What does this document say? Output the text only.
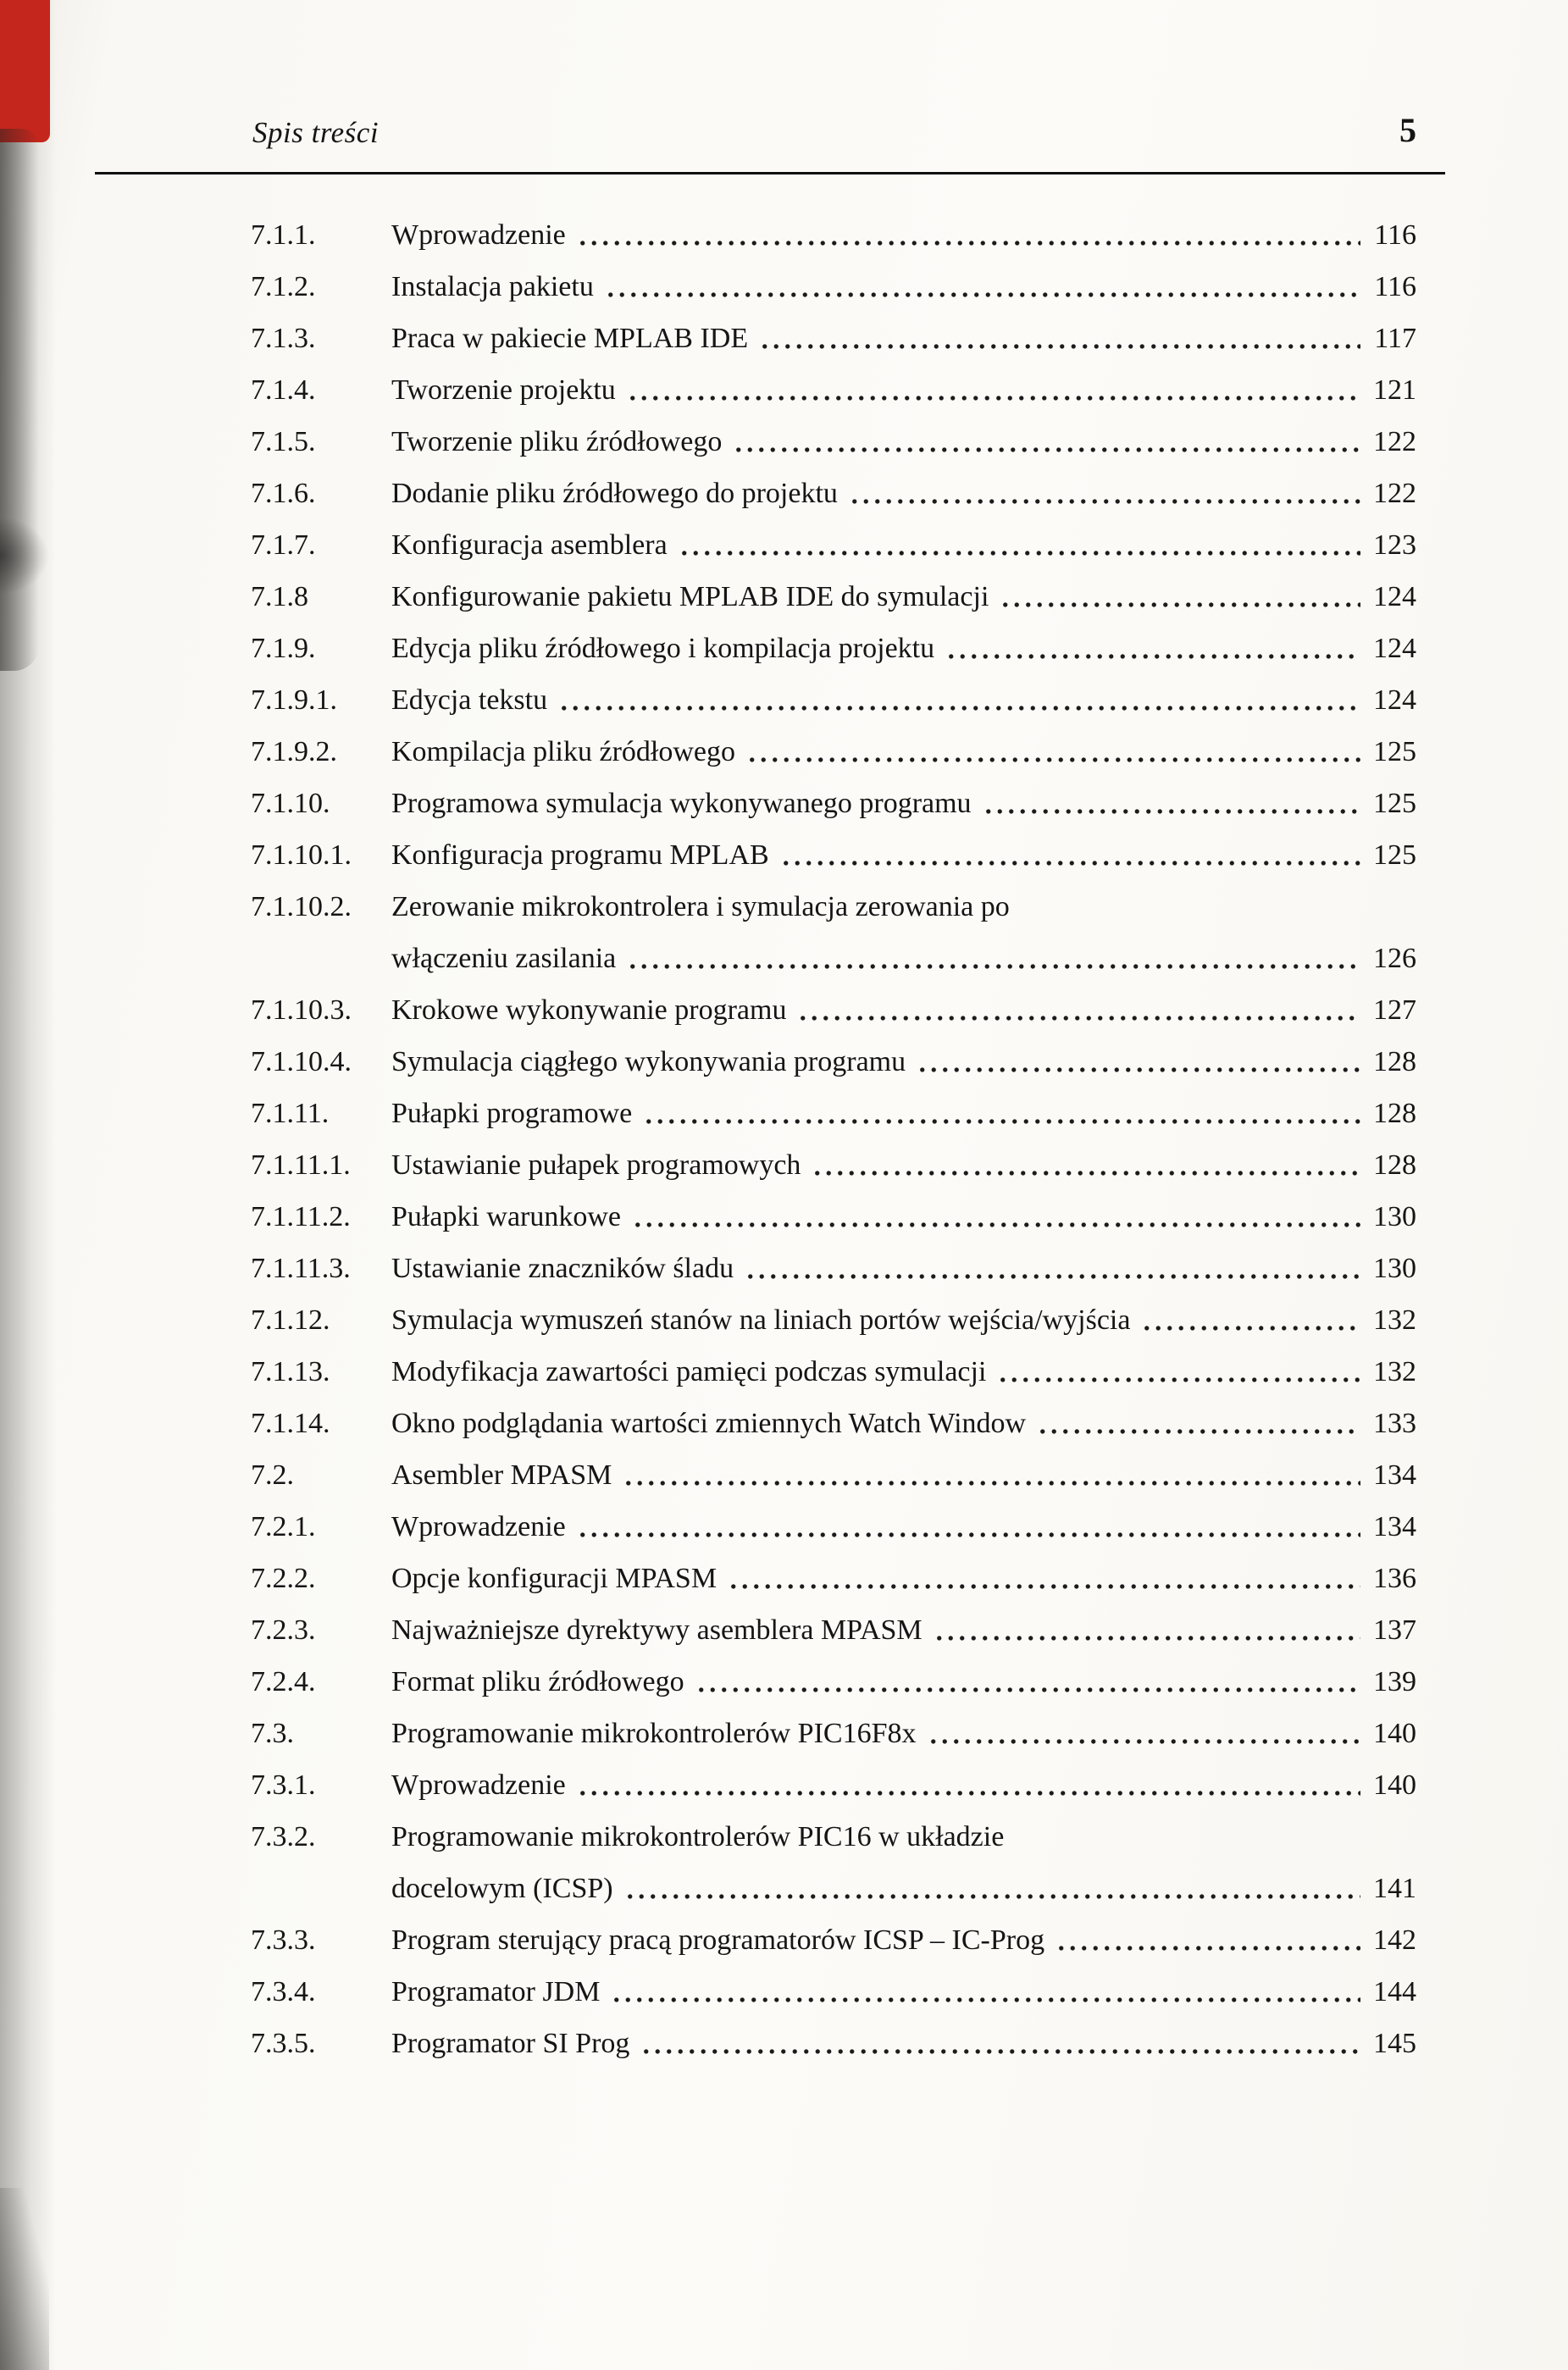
Spis treści	5
7.1.1.	Wprowadzenie	116
7.1.2.	Instalacja pakietu	116
7.1.3.	Praca w pakiecie MPLAB IDE	117
7.1.4.	Tworzenie projektu	121
7.1.5.	Tworzenie pliku źródłowego	122
7.1.6.	Dodanie pliku źródłowego do projektu	122
7.1.7.	Konfiguracja asemblera	123
7.1.8	Konfigurowanie pakietu MPLAB IDE do symulacji	124
7.1.9.	Edycja pliku źródłowego i kompilacja projektu	124
7.1.9.1.	Edycja tekstu	124
7.1.9.2.	Kompilacja pliku źródłowego	125
7.1.10.	Programowa symulacja wykonywanego programu	125
7.1.10.1.	Konfiguracja programu MPLAB	125
7.1.10.2.	Zerowanie mikrokontrolera i symulacja zerowania po
włączeniu zasilania	126
7.1.10.3.	Krokowe wykonywanie programu	127
7.1.10.4.	Symulacja ciągłego wykonywania programu	128
7.1.11.	Pułapki programowe	128
7.1.11.1.	Ustawianie pułapek programowych	128
7.1.11.2.	Pułapki warunkowe	130
7.1.11.3.	Ustawianie znaczników śladu	130
7.1.12.	Symulacja wymuszeń stanów na liniach portów wejścia/wyjścia	132
7.1.13.	Modyfikacja zawartości pamięci podczas symulacji	132
7.1.14.	Okno podglądania wartości zmiennych Watch Window	133
7.2.	Asembler MPASM	134
7.2.1.	Wprowadzenie	134
7.2.2.	Opcje konfiguracji MPASM	136
7.2.3.	Najważniejsze dyrektywy asemblera MPASM	137
7.2.4.	Format pliku źródłowego	139
7.3.	Programowanie mikrokontrolerów PIC16F8x	140
7.3.1.	Wprowadzenie	140
7.3.2.	Programowanie mikrokontrolerów PIC16 w układzie
docelowym (ICSP)	141
7.3.3.	Program sterujący pracą programatorów ICSP – IC-Prog	142
7.3.4.	Programator JDM	144
7.3.5.	Programator SI Prog	145
